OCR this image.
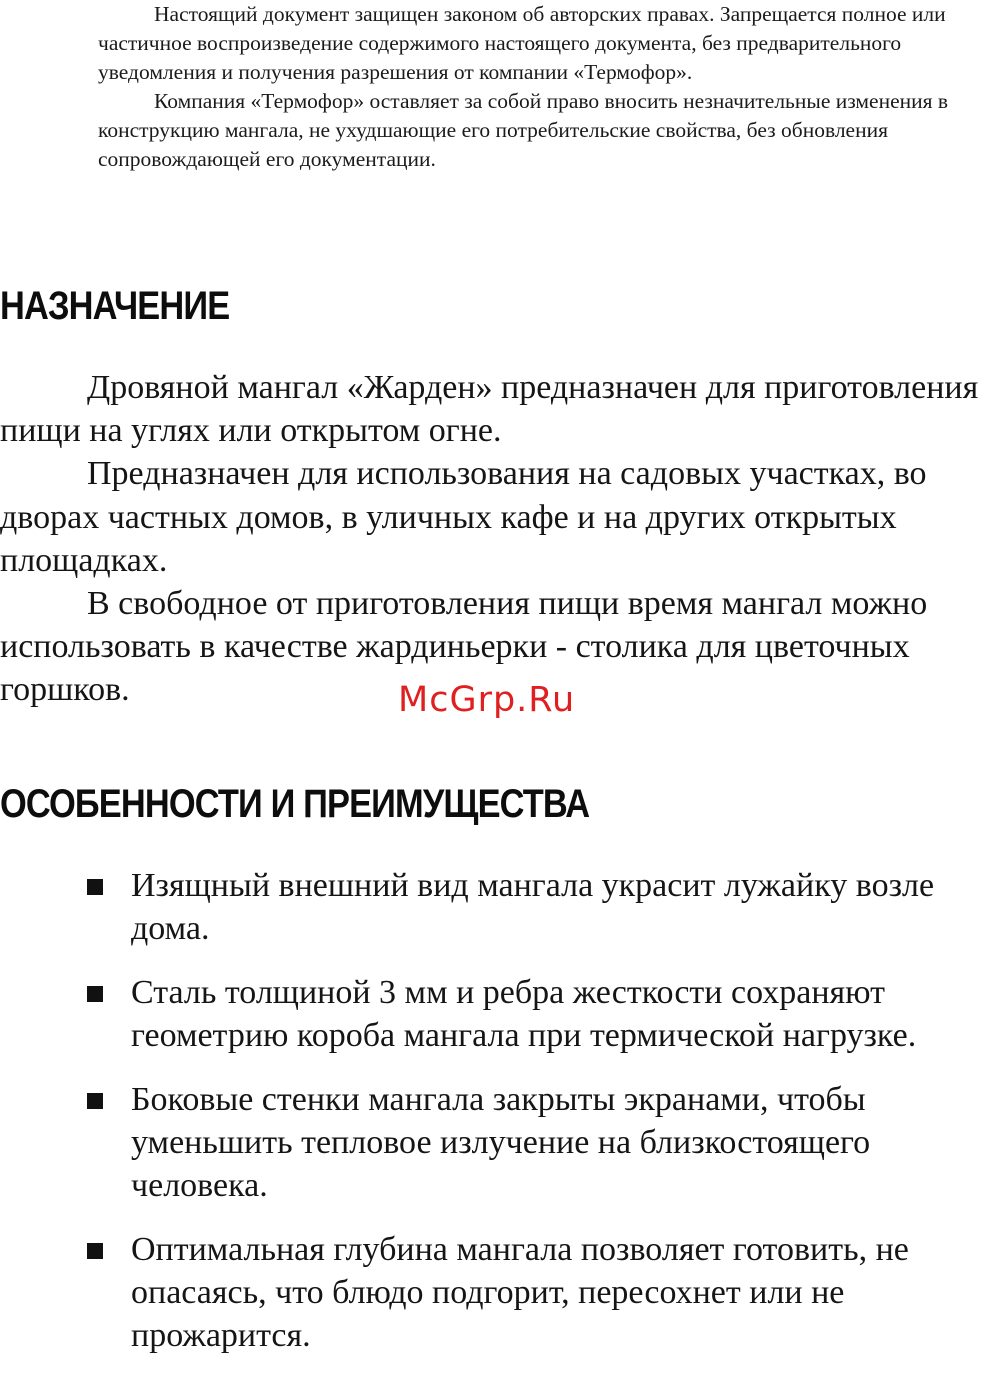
Настоящий документ защищен законом об авторских правах. Запрещается полное или частичное воспроизведение содержимого настоящего документа, без предварительного уведомления и получения разрешения от компании «Термофор».

Компания «Термофор» оставляет за собой право вносить незначительные изменения в конструкцию мангала, не ухудшающие его потребительские свойства, без обновления сопровождающей его документации.

НАЗНАЧЕНИЕ

Дровяной мангал «Жарден» предназначен для приготовления пищи на углях или открытом огне.

Предназначен для использования на садовых участках, во дворах частных домов, в уличных кафе и на других открытых площадках.

В свободное от приготовления пищи время мангал можно использовать в качестве жардиньерки - столика для цветочных горшков.	McGrp.Ru
ОСОБЕННОСТИ И ПРЕИМУЩЕСТВА
Изящный внешний вид мангала украсит лужайку возле дома.
Сталь толщиной 3 мм и ребра жесткости сохраняют геометрию короба мангала при термической нагрузке.
Боковые стенки мангала закрыты экранами, чтобы уменьшить тепловое излучение на близкостоящего человека.
Оптимальная глубина мангала позволяет готовить, не опасаясь, что блюдо подгорит, пересохнет или не прожарится.
